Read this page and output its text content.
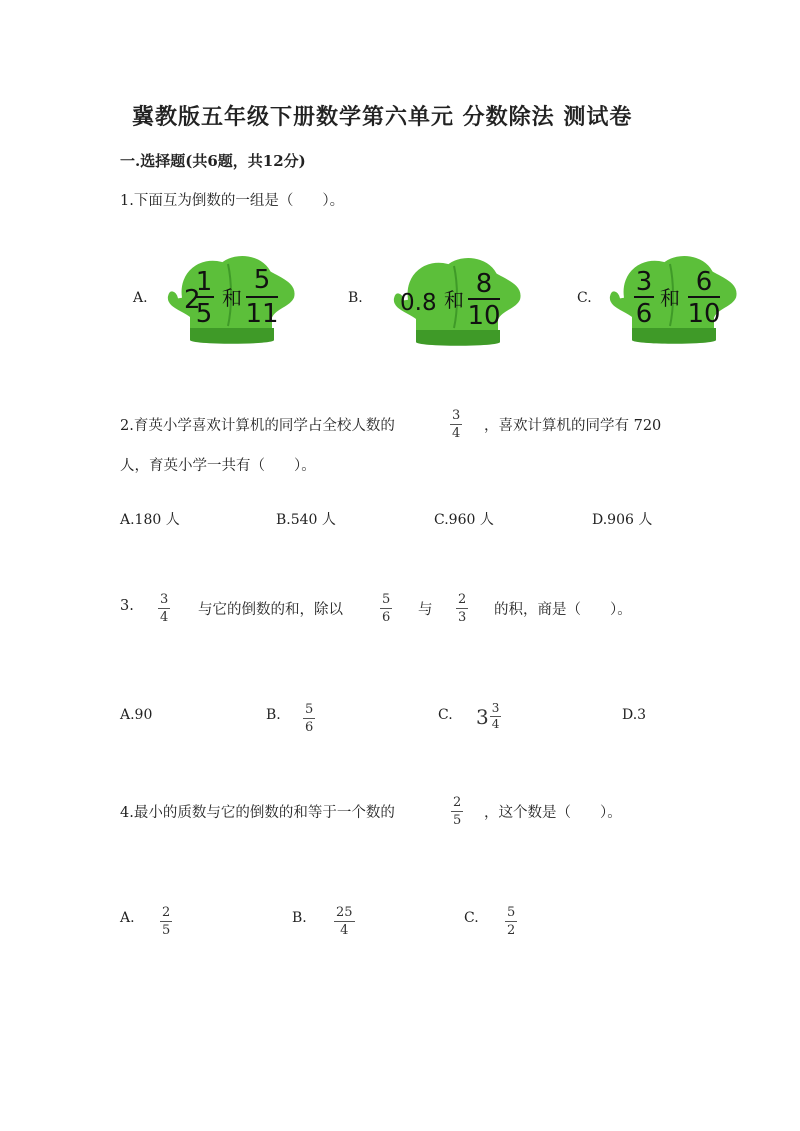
冀教版五年级下册数学第六单元 分数除法 测试卷
一.选择题(共6题，共12分)
1.下面互为倒数的一组是（　　）。
A. 2
1
5
和
5
11
B. 0.8 和
8
10
C.
3
6
和
6
10
2.育英小学喜欢计算机的同学占全校人数的
3
4 ，喜欢计算机的同学有 720
人，育英小学一共有（　　）。
A.180 人	B.540 人	C.960 人	D.906 人
3. 3
4 与它的倒数的和，除以
5
6 与
2
3 的积，商是（　　）。
A.90	B. 5
6
C. $3 \frac{3}{4}$	D.3
4.最小的质数与它的倒数的和等于一个数的
2
5 ，这个数是（　　）。
A. 2
5
B. 25
4
C. 5
2
